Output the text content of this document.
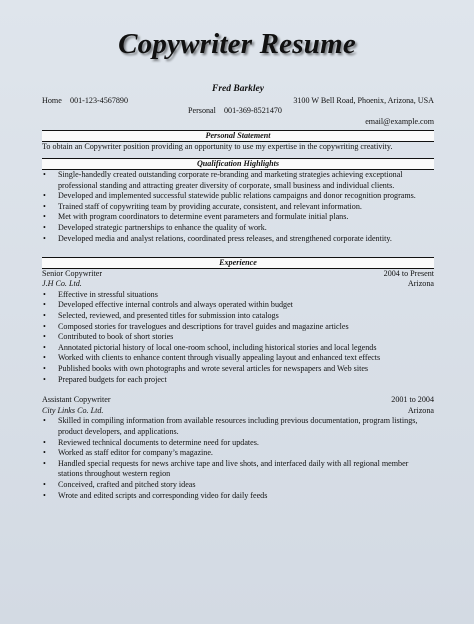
Copywriter Resume
Fred Barkley
Home 001-123-4567890	3100 W Bell Road, Phoenix, Arizona, USA
Personal 001-369-8521470
email@example.com
Personal Statement
To obtain an Copywriter position providing an opportunity to use my expertise in the copywriting creativity.
Qualification Highlights
• Single-handedly created outstanding corporate re-branding and marketing strategies achieving exceptional professional standing and attracting greater diversity of corporate, small business and individual clients.
• Developed and implemented successful statewide public relations campaigns and donor recognition programs.
• Trained staff of copywriting team by providing accurate, consistent, and relevant information.
• Met with program coordinators to determine event parameters and formulate initial plans.
• Developed strategic partnerships to enhance the quality of work.
• Developed media and analyst relations, coordinated press releases, and strengthened corporate identity.
Experience
Senior Copywriter	2004 to Present
J.H Co. Ltd.	Arizona
• Effective in stressful situations
• Developed effective internal controls and always operated within budget
• Selected, reviewed, and presented titles for submission into catalogs
• Composed stories for travelogues and descriptions for travel guides and magazine articles
• Contributed to book of short stories
• Annotated pictorial history of local one-room school, including historical stories and local legends
• Worked with clients to enhance content through visually appealing layout and enhanced text effects
• Published books with own photographs and wrote several articles for newspapers and Web sites
• Prepared budgets for each project
Assistant Copywriter	2001 to 2004
City Links Co. Ltd.	Arizona
• Skilled in compiling information from available resources including previous documentation, program listings, product developers, and applications.
• Reviewed technical documents to determine need for updates.
• Worked as staff editor for company’s magazine.
• Handled special requests for news archive tape and live shots, and interfaced daily with all regional member stations throughout western region
• Conceived, crafted and pitched story ideas
• Wrote and edited scripts and corresponding video for daily feeds
